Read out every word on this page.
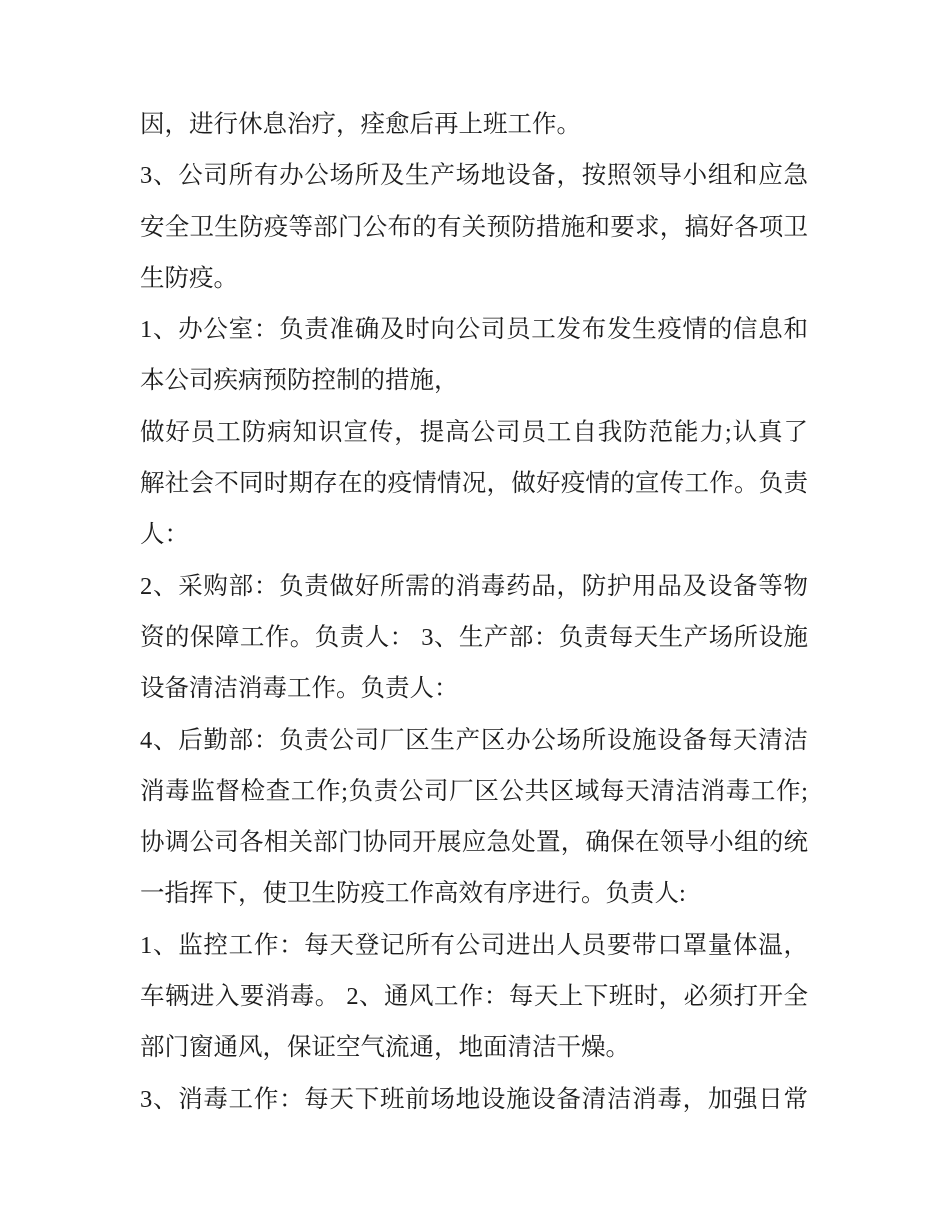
因，进行休息治疗，痊愈后再上班工作。
3、公司所有办公场所及生产场地设备，按照领导小组和应急
安全卫生防疫等部门公布的有关预防措施和要求，搞好各项卫
生防疫。
1、办公室：负责准确及时向公司员工发布发生疫情的信息和
本公司疾病预防控制的措施，
做好员工防病知识宣传，提高公司员工自我防范能力;认真了
解社会不同时期存在的疫情情况，做好疫情的宣传工作。负责
人：
2、采购部：负责做好所需的消毒药品，防护用品及设备等物
资的保障工作。负责人： 3、生产部：负责每天生产场所设施
设备清洁消毒工作。负责人：
4、后勤部：负责公司厂区生产区办公场所设施设备每天清洁
消毒监督检查工作;负责公司厂区公共区域每天清洁消毒工作;
协调公司各相关部门协同开展应急处置，确保在领导小组的统
一指挥下，使卫生防疫工作高效有序进行。负责人:
1、监控工作：每天登记所有公司进出人员要带口罩量体温，
车辆进入要消毒。 2、通风工作：每天上下班时，必须打开全
部门窗通风，保证空气流通，地面清洁干燥。
3、消毒工作：每天下班前场地设施设备清洁消毒，加强日常
